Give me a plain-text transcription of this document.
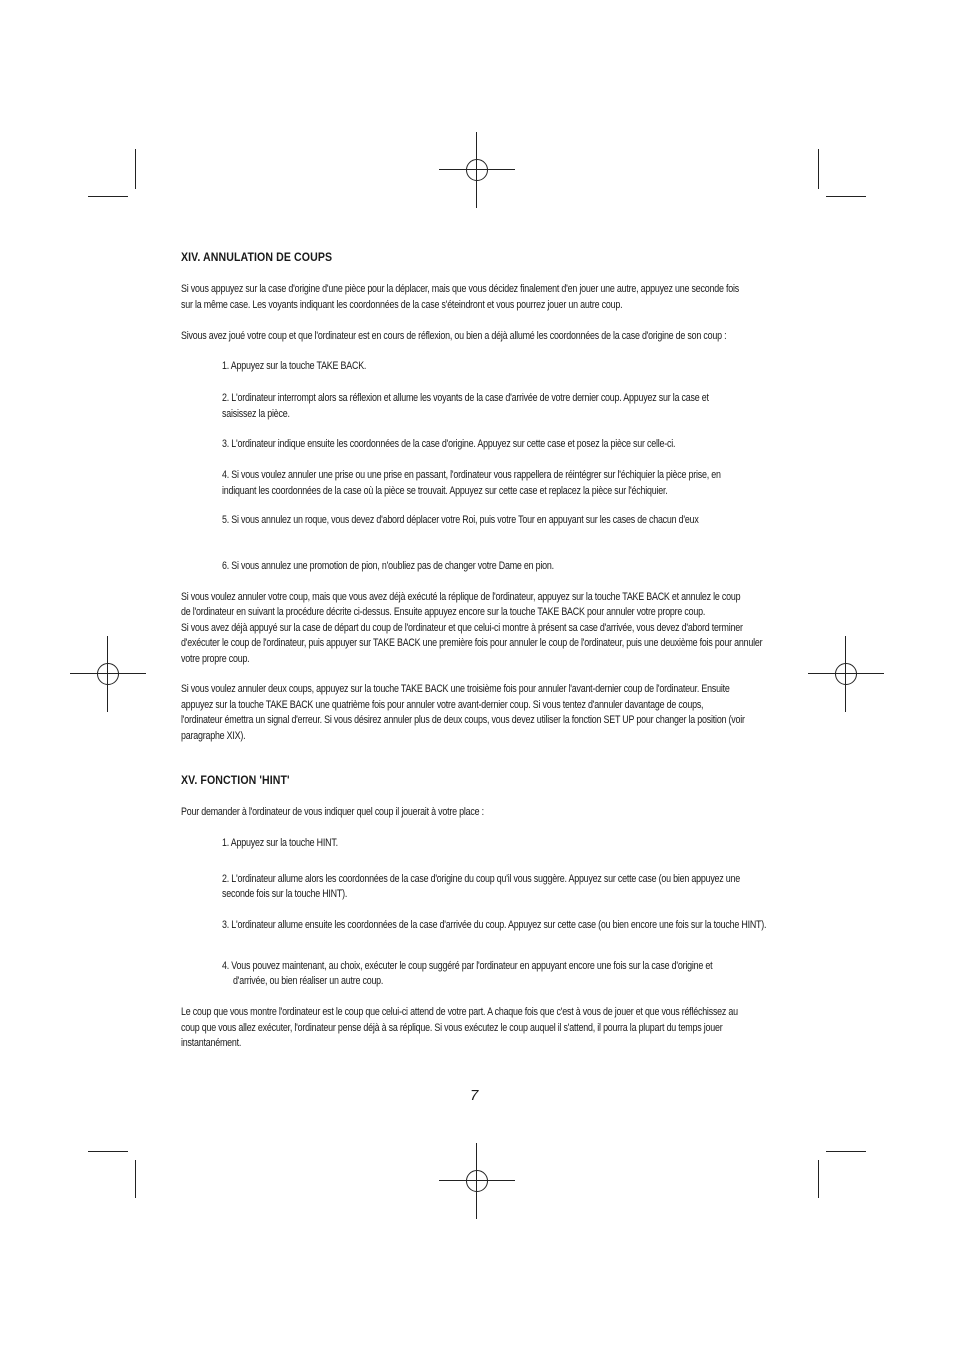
XIV. ANNULATION DE COUPS
Si vous appuyez sur la case d'origine d'une pièce pour la déplacer, mais que vous décidez finalement d'en jouer une autre, appuyez une seconde fois
sur la même case. Les voyants indiquant les coordonnées de la case s'éteindront et vous pourrez jouer un autre coup.
Sivous avez joué votre coup et que l'ordinateur est en cours de réflexion, ou bien a déjà allumé les coordonnées de la case d'origine de son coup :
1. Appuyez sur la touche TAKE BACK.
2. L'ordinateur interrompt alors sa réflexion et allume les voyants de la case d'arrivée de votre dernier coup. Appuyez sur la case et
saisissez la pièce.
3. L'ordinateur indique ensuite les coordonnées de la case d'origine. Appuyez sur cette case et posez la pièce sur celle-ci.
4. Si vous voulez annuler une prise ou une prise en passant, l'ordinateur vous rappellera de réintégrer sur l'échiquier la pièce prise, en
indiquant les coordonnées de la case où la pièce se trouvait. Appuyez sur cette case et replacez la pièce sur l'échiquier.
5. Si vous annulez un roque, vous devez d'abord déplacer votre Roi, puis votre Tour en appuyant sur les cases de chacun d'eux
6. Si vous annulez une promotion de pion, n'oubliez pas de changer votre Dame en pion.
Si vous voulez annuler votre coup, mais que vous avez déjà exécuté la réplique de l'ordinateur, appuyez sur la touche TAKE BACK et annulez le coup
de l'ordinateur en suivant la procédure décrite ci-dessus. Ensuite appuyez encore sur la touche TAKE BACK pour annuler votre propre coup.
Si vous avez déjà appuyé sur la case de départ du coup de l'ordinateur et que celui-ci montre à présent sa case d'arrivée, vous devez d'abord terminer
d'exécuter le coup de l'ordinateur, puis appuyer sur TAKE BACK une première fois pour annuler le coup de l'ordinateur, puis une deuxième fois pour annuler
votre propre coup.
Si vous voulez annuler deux coups, appuyez sur la touche TAKE BACK une troisième fois pour annuler l'avant-dernier coup de l'ordinateur. Ensuite
appuyez sur la touche TAKE BACK une quatrième fois pour annuler votre avant-dernier coup. Si vous tentez d'annuler davantage de coups,
l'ordinateur émettra un signal d'erreur. Si vous désirez annuler plus de deux coups, vous devez utiliser la fonction SET UP pour changer la position (voir
paragraphe XIX).
XV. FONCTION 'HINT'
Pour demander à l'ordinateur de vous indiquer quel coup il jouerait à votre place :
1. Appuyez sur la touche HINT.
2. L'ordinateur allume alors les coordonnées de la case d'origine du coup qu'il vous suggère. Appuyez sur cette case (ou bien appuyez une
seconde fois sur la touche HINT).
3. L'ordinateur allume ensuite les coordonnées de la case d'arrivée du coup. Appuyez sur cette case (ou bien encore une fois sur la touche HINT).
4. Vous pouvez maintenant, au choix, exécuter le coup suggéré par l'ordinateur en appuyant encore une fois sur la case d'origine et
d'arrivée, ou bien réaliser un autre coup.
Le coup que vous montre l'ordinateur est le coup que celui-ci attend de votre part. A chaque fois que c'est à vous de jouer et que vous réfléchissez au
coup que vous allez exécuter, l'ordinateur pense déjà à sa réplique. Si vous exécutez le coup auquel il s'attend, il pourra la plupart du temps jouer
instantanément.
7
